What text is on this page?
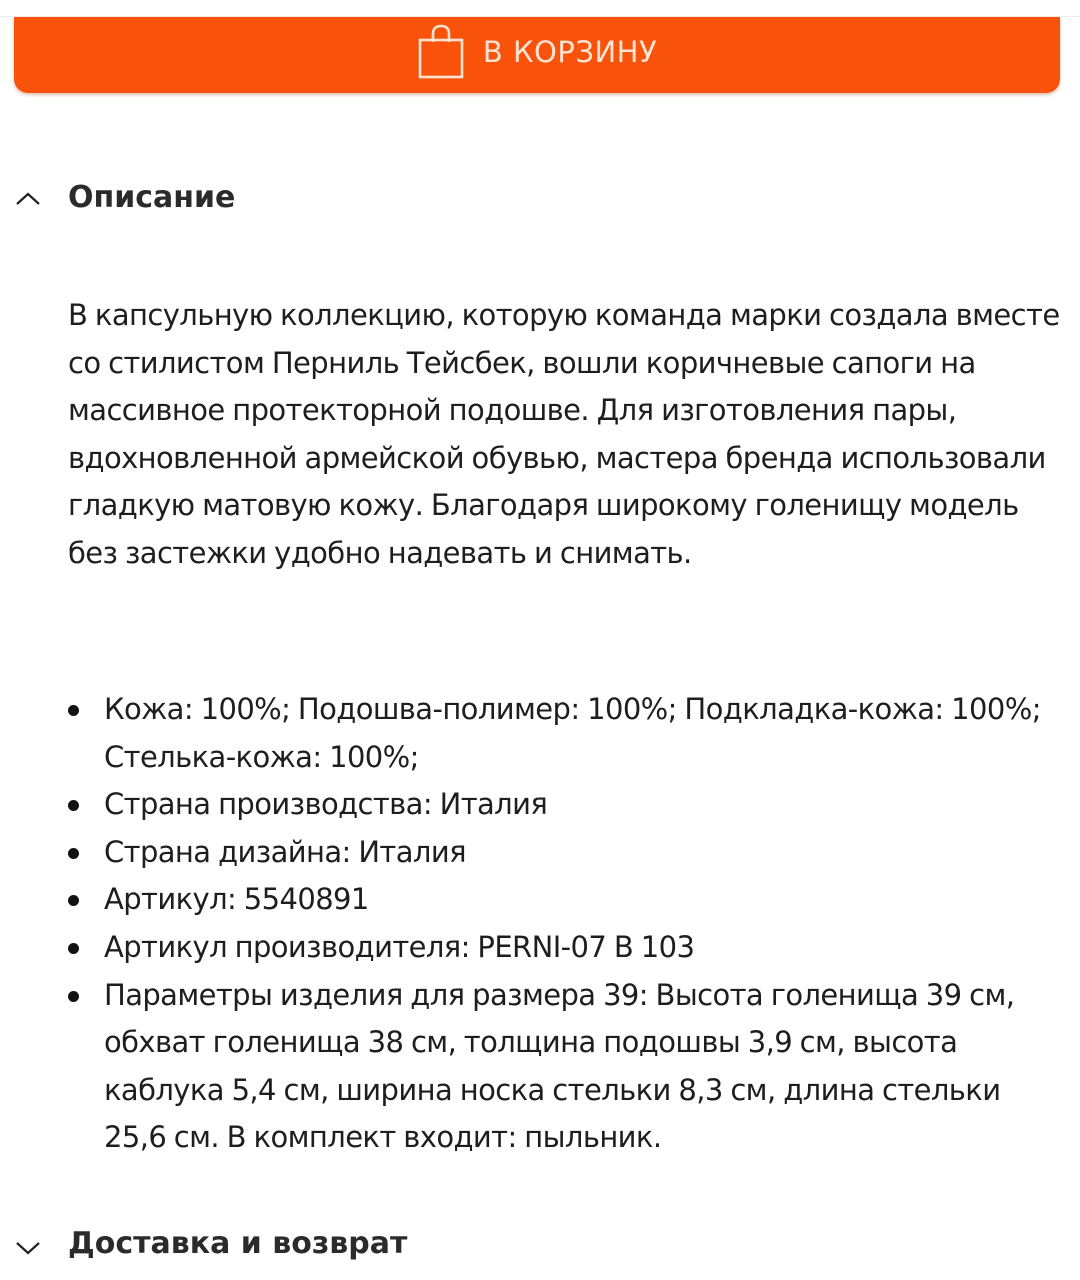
В КОРЗИНУ
Описание

В капсульную коллекцию, которую команда марки создала вместе со стилистом Перниль Тейсбек, вошли коричневые сапоги на массивное протекторной подошве. Для изготовления пары, вдохновленной армейской обувью, мастера бренда использовали гладкую матовую кожу. Благодаря широкому голенищу модель без застежки удобно надевать и снимать.

Кожа: 100%; Подошва-полимер: 100%; Подкладка-кожа: 100%; Стелька-кожа: 100%;
Страна производства: Италия
Страна дизайна: Италия
Артикул: 5540891
Артикул производителя: PERNI-07 B 103
Параметры изделия для размера 39: Высота голенища 39 см, обхват голенища 38 см, толщина подошвы 3,9 см, высота каблука 5,4 см, ширина носка стельки 8,3 см, длина стельки 25,6 см. В комплект входит: пыльник.
Доставка и возврат
